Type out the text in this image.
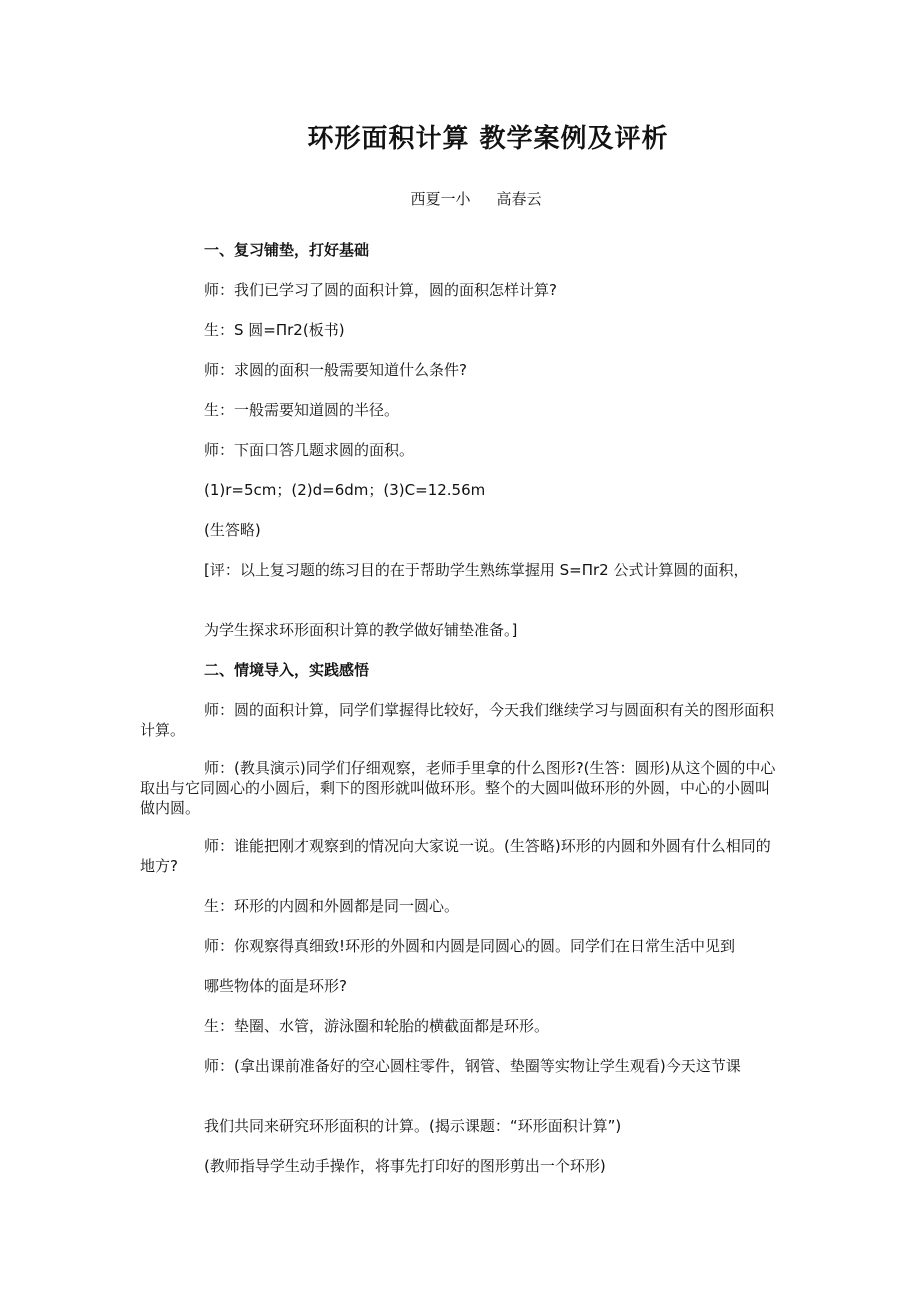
环形面积计算 教学案例及评析
西夏一小 高春云
一、复习铺垫，打好基础
师：我们已学习了圆的面积计算，圆的面积怎样计算?
生：S 圆=Πr2(板书)
师：求圆的面积一般需要知道什么条件?
生：一般需要知道圆的半径。
师：下面口答几题求圆的面积。
(1)r=5cm；(2)d=6dm；(3)C=12.56m
(生答略)
[评：以上复习题的练习目的在于帮助学生熟练掌握用 S=Πr2 公式计算圆的面积，
为学生探求环形面积计算的教学做好铺垫准备。]
二、情境导入，实践感悟
师：圆的面积计算，同学们掌握得比较好，今天我们继续学习与圆面积有关的图形面积计算。
师：(教具演示)同学们仔细观察，老师手里拿的什么图形?(生答：圆形)从这个圆的中心取出与它同圆心的小圆后，剩下的图形就叫做环形。整个的大圆叫做环形的外圆，中心的小圆叫做内圆。
师：谁能把刚才观察到的情况向大家说一说。(生答略)环形的内圆和外圆有什么相同的地方?
生：环形的内圆和外圆都是同一圆心。
师：你观察得真细致!环形的外圆和内圆是同圆心的圆。同学们在日常生活中见到
哪些物体的面是环形?
生：垫圈、水管，游泳圈和轮胎的横截面都是环形。
师：(拿出课前准备好的空心圆柱零件，钢管、垫圈等实物让学生观看)今天这节课
我们共同来研究环形面积的计算。(揭示课题：“环形面积计算”)
(教师指导学生动手操作，将事先打印好的图形剪出一个环形)
